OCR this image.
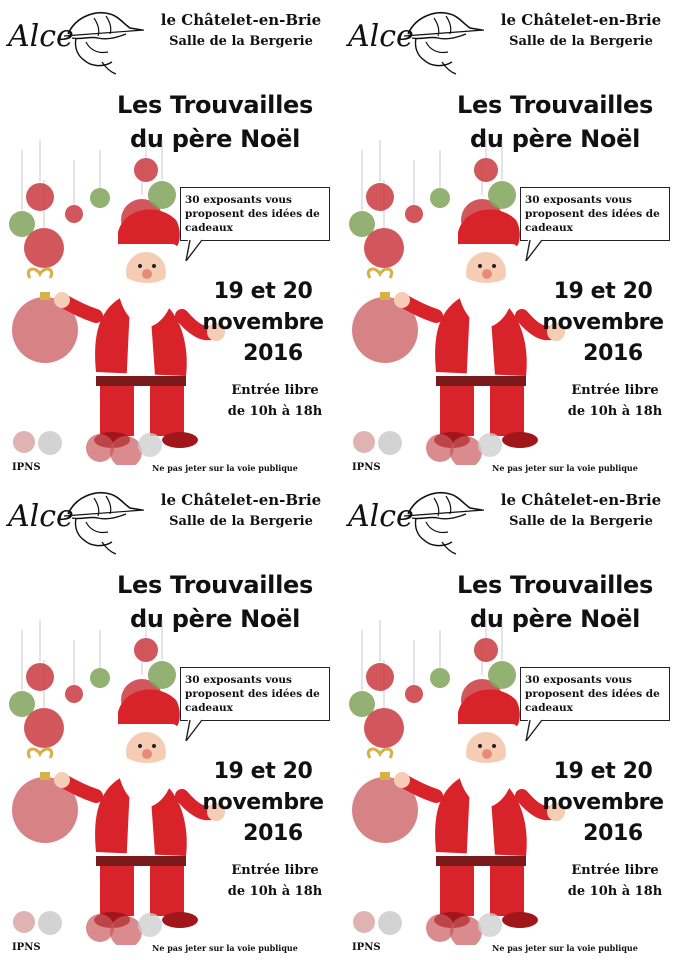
Alce	le Châtelet-en-Brie
Salle de la Bergerie
Les Trouvailles
du père Noël
30 exposants vous proposent des idées de cadeaux
19 et 20
novembre
2016
Entrée libre
de 10h à 18h
IPNS	Ne pas jeter sur la voie publique
Alce	le Châtelet-en-Brie
Salle de la Bergerie
Les Trouvailles
du père Noël
30 exposants vous proposent des idées de cadeaux
19 et 20
novembre
2016
Entrée libre
de 10h à 18h
IPNS	Ne pas jeter sur la voie publique
Alce	le Châtelet-en-Brie
Salle de la Bergerie
Les Trouvailles
du père Noël
30 exposants vous proposent des idées de cadeaux
19 et 20
novembre
2016
Entrée libre
de 10h à 18h
IPNS	Ne pas jeter sur la voie publique
Alce	le Châtelet-en-Brie
Salle de la Bergerie
Les Trouvailles
du père Noël
30 exposants vous proposent des idées de cadeaux
19 et 20
novembre
2016
Entrée libre
de 10h à 18h
IPNS	Ne pas jeter sur la voie publique
